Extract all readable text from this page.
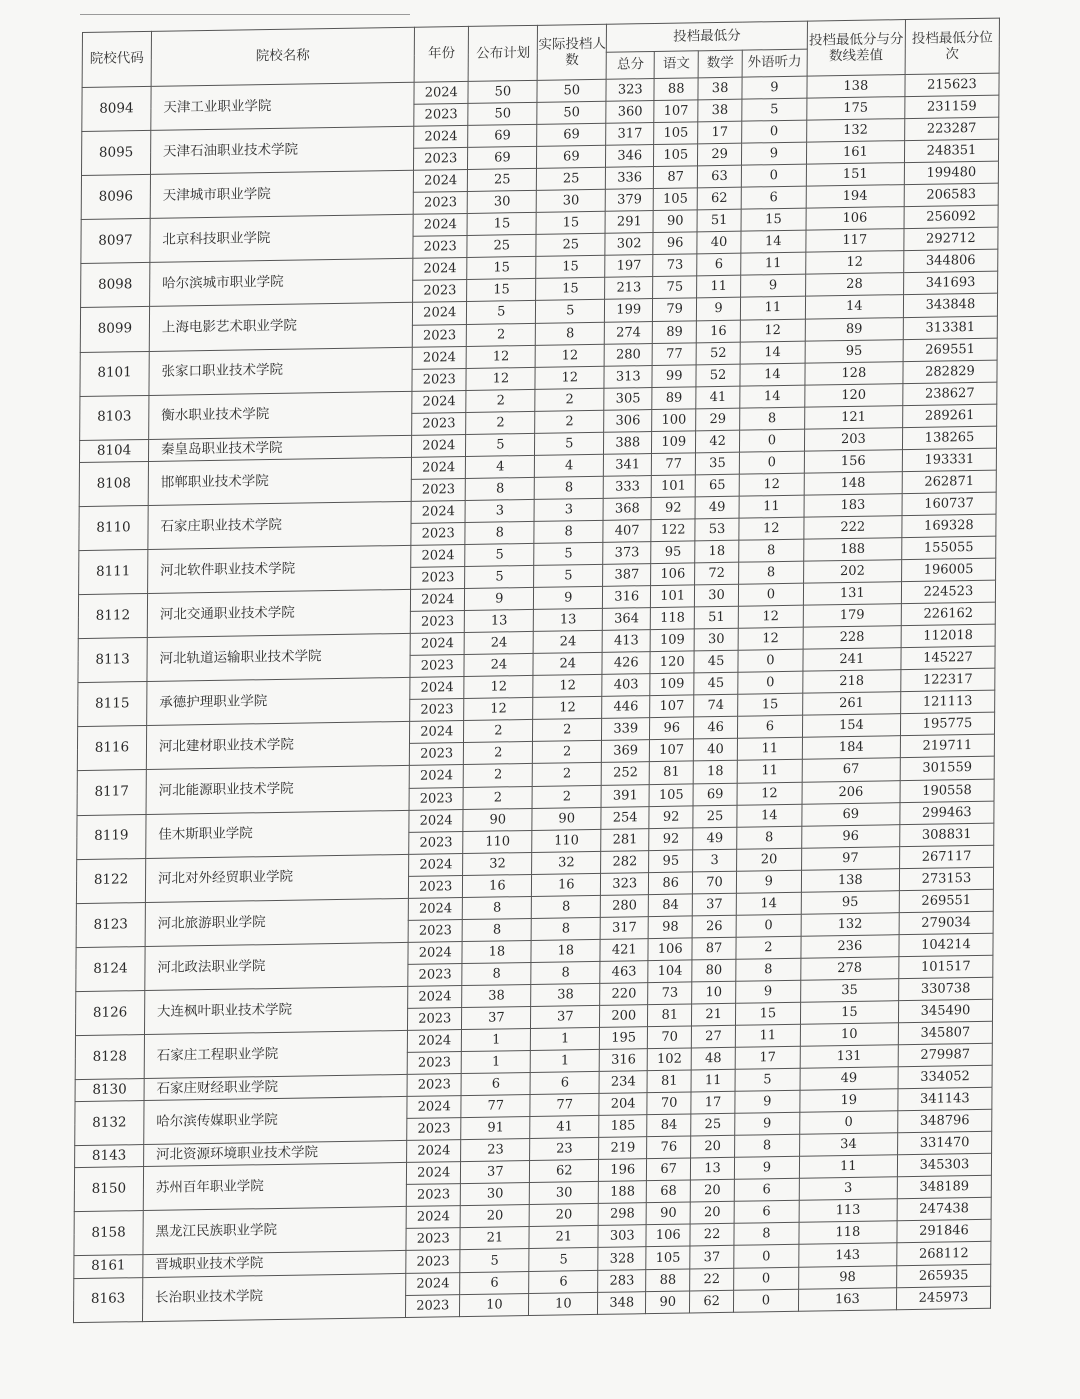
院校代码	院校名称	年份	公布计划	实际投档人数	投档最低分				投档最低分与分数线差值	投档最低分位次
					总分	语文	数学	外语听力		
8094	天津工业职业学院	2024	50	50	323	88	38	9	138	215623
		2023	50	50	360	107	38	5	175	231159
8095	天津石油职业技术学院	2024	69	69	317	105	17	0	132	223287
		2023	69	69	346	105	29	9	161	248351
8096	天津城市职业学院	2024	25	25	336	87	63	0	151	199480
		2023	30	30	379	105	62	6	194	206583
8097	北京科技职业学院	2024	15	15	291	90	51	15	106	256092
		2023	25	25	302	96	40	14	117	292712
8098	哈尔滨城市职业学院	2024	15	15	197	73	6	11	12	344806
		2023	15	15	213	75	11	9	28	341693
8099	上海电影艺术职业学院	2024	5	5	199	79	9	11	14	343848
		2023	2	8	274	89	16	12	89	313381
8101	张家口职业技术学院	2024	12	12	280	77	52	14	95	269551
		2023	12	12	313	99	52	14	128	282829
8103	衡水职业技术学院	2024	2	2	305	89	41	14	120	238627
		2023	2	2	306	100	29	8	121	289261
8104	秦皇岛职业技术学院	2024	5	5	388	109	42	0	203	138265
8108	邯郸职业技术学院	2024	4	4	341	77	35	0	156	193331
		2023	8	8	333	101	65	12	148	262871
8110	石家庄职业技术学院	2024	3	3	368	92	49	11	183	160737
		2023	8	8	407	122	53	12	222	169328
8111	河北软件职业技术学院	2024	5	5	373	95	18	8	188	155055
		2023	5	5	387	106	72	8	202	196005
8112	河北交通职业技术学院	2024	9	9	316	101	30	0	131	224523
		2023	13	13	364	118	51	12	179	226162
8113	河北轨道运输职业技术学院	2024	24	24	413	109	30	12	228	112018
		2023	24	24	426	120	45	0	241	145227
8115	承德护理职业学院	2024	12	12	403	109	45	0	218	122317
		2023	12	12	446	107	74	15	261	121113
8116	河北建材职业技术学院	2024	2	2	339	96	46	6	154	195775
		2023	2	2	369	107	40	11	184	219711
8117	河北能源职业技术学院	2024	2	2	252	81	18	11	67	301559
		2023	2	2	391	105	69	12	206	190558
8119	佳木斯职业学院	2024	90	90	254	92	25	14	69	299463
		2023	110	110	281	92	49	8	96	308831
8122	河北对外经贸职业学院	2024	32	32	282	95	3	20	97	267117
		2023	16	16	323	86	70	9	138	273153
8123	河北旅游职业学院	2024	8	8	280	84	37	14	95	269551
		2023	8	8	317	98	26	0	132	279034
8124	河北政法职业学院	2024	18	18	421	106	87	2	236	104214
		2023	8	8	463	104	80	8	278	101517
8126	大连枫叶职业技术学院	2024	38	38	220	73	10	9	35	330738
		2023	37	37	200	81	21	15	15	345490
8128	石家庄工程职业学院	2024	1	1	195	70	27	11	10	345807
		2023	1	1	316	102	48	17	131	279987
8130	石家庄财经职业学院	2023	6	6	234	81	11	5	49	334052
8132	哈尔滨传媒职业学院	2024	77	77	204	70	17	9	19	341143
		2023	91	41	185	84	25	9	0	348796
8143	河北资源环境职业技术学院	2024	23	23	219	76	20	8	34	331470
8150	苏州百年职业学院	2024	37	62	196	67	13	9	11	345303
		2023	30	30	188	68	20	6	3	348189
8158	黑龙江民族职业学院	2024	20	20	298	90	20	6	113	247438
		2023	21	21	303	106	22	8	118	291846
8161	晋城职业技术学院	2023	5	5	328	105	37	0	143	268112
8163	长治职业技术学院	2024	6	6	283	88	22	0	98	265935
		2023	10	10	348	90	62	0	163	245973
